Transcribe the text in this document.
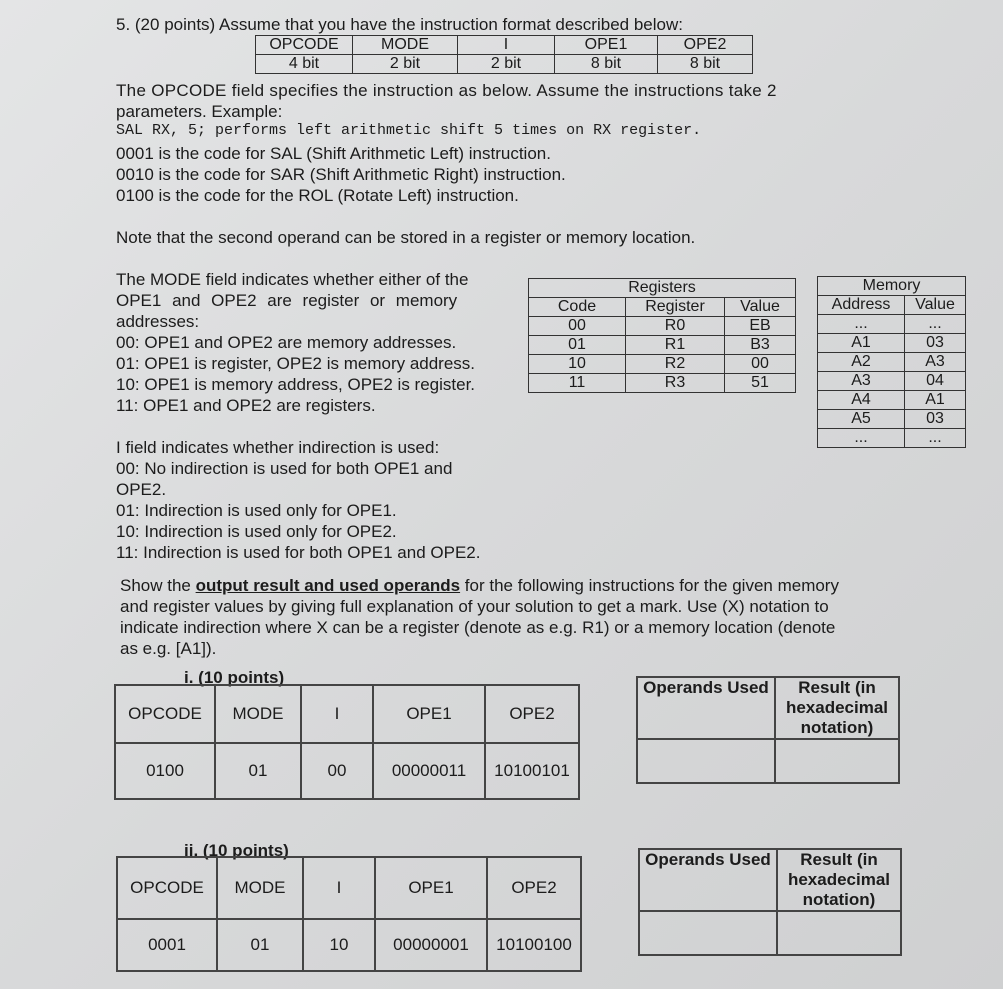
5. (20 points) Assume that you have the instruction format described below:
OPCODE	MODE	I	OPE1	OPE2
4 bit	2 bit	2 bit	8 bit	8 bit
The OPCODE field specifies the instruction as below. Assume the instructions take 2
parameters. Example:
SAL RX, 5; performs left arithmetic shift 5 times on RX register.
0001 is the code for SAL (Shift Arithmetic Left) instruction.
0010 is the code for SAR (Shift Arithmetic Right) instruction.
0100 is the code for the ROL (Rotate Left) instruction.
Note that the second operand can be stored in a register or memory location.
The MODE field indicates whether either of the
OPE1 and OPE2 are register or memory
addresses:
00: OPE1 and OPE2 are memory addresses.
01: OPE1 is register, OPE2 is memory address.
10: OPE1 is memory address, OPE2 is register.
11: OPE1 and OPE2 are registers.
Registers		
Code	Register	Value
00	R0	EB
01	R1	B3
10	R2	00
11	R3	51
Memory	
Address	Value
...	...
A1	03
A2	A3
A3	04
A4	A1
A5	03
...	...
I field indicates whether indirection is used:
00: No indirection is used for both OPE1 and
OPE2.
01: Indirection is used only for OPE1.
10: Indirection is used only for OPE2.
11: Indirection is used for both OPE1 and OPE2.
Show the output result and used operands for the following instructions for the given memory
and register values by giving full explanation of your solution to get a mark. Use (X) notation to
indicate indirection where X can be a register (denote as e.g. R1) or a memory location (denote
as e.g. [A1]).
i. (10 points)
OPCODE	MODE	I	OPE1	OPE2
0100	01	00	00000011	10100101
Operands Used	Result (in hexadecimal notation)

ii. (10 points)
OPCODE	MODE	I	OPE1	OPE2
0001	01	10	00000001	10100100
Operands Used	Result (in hexadecimal notation)
